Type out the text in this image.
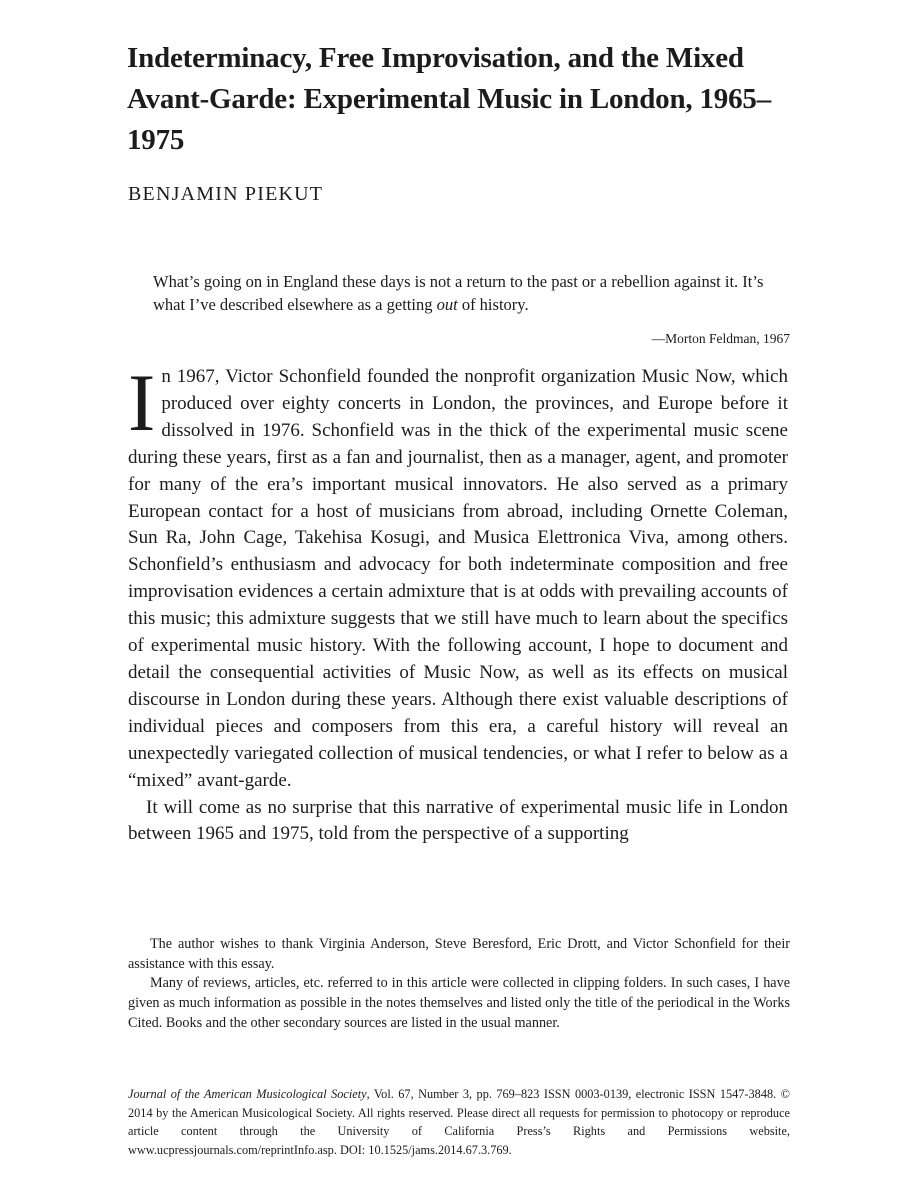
Indeterminacy, Free Improvisation, and the Mixed Avant-Garde: Experimental Music in London, 1965–1975
BENJAMIN PIEKUT

What’s going on in England these days is not a return to the past or a rebellion against it. It’s what I’ve described elsewhere as a getting out of history.

—Morton Feldman, 1967

In 1967, Victor Schonfield founded the nonprofit organization Music Now, which produced over eighty concerts in London, the provinces, and Europe before it dissolved in 1976. Schonfield was in the thick of the experimental music scene during these years, first as a fan and journalist, then as a manager, agent, and promoter for many of the era’s important musical innovators. He also served as a primary European contact for a host of musicians from abroad, including Ornette Coleman, Sun Ra, John Cage, Takehisa Kosugi, and Musica Elettronica Viva, among others. Schonfield’s enthusiasm and advocacy for both indeterminate composition and free improvisation evidences a certain admixture that is at odds with prevailing accounts of this music; this admixture suggests that we still have much to learn about the specifics of experimental music history. With the following account, I hope to document and detail the consequential activities of Music Now, as well as its effects on musical discourse in London during these years. Although there exist valuable descriptions of individual pieces and composers from this era, a careful history will reveal an unexpectedly variegated collection of musical tendencies, or what I refer to below as a “mixed” avant-garde.

It will come as no surprise that this narrative of experimental music life in London between 1965 and 1975, told from the perspective of a supporting

The author wishes to thank Virginia Anderson, Steve Beresford, Eric Drott, and Victor Schonfield for their assistance with this essay.

Many of reviews, articles, etc. referred to in this article were collected in clipping folders. In such cases, I have given as much information as possible in the notes themselves and listed only the title of the periodical in the Works Cited. Books and the other secondary sources are listed in the usual manner.

Journal of the American Musicological Society, Vol. 67, Number 3, pp. 769–823 ISSN 0003-0139, electronic ISSN 1547-3848. © 2014 by the American Musicological Society. All rights reserved. Please direct all requests for permission to photocopy or reproduce article content through the University of California Press’s Rights and Permissions website, www.ucpressjournals.com/reprintInfo.asp. DOI: 10.1525/jams.2014.67.3.769.
